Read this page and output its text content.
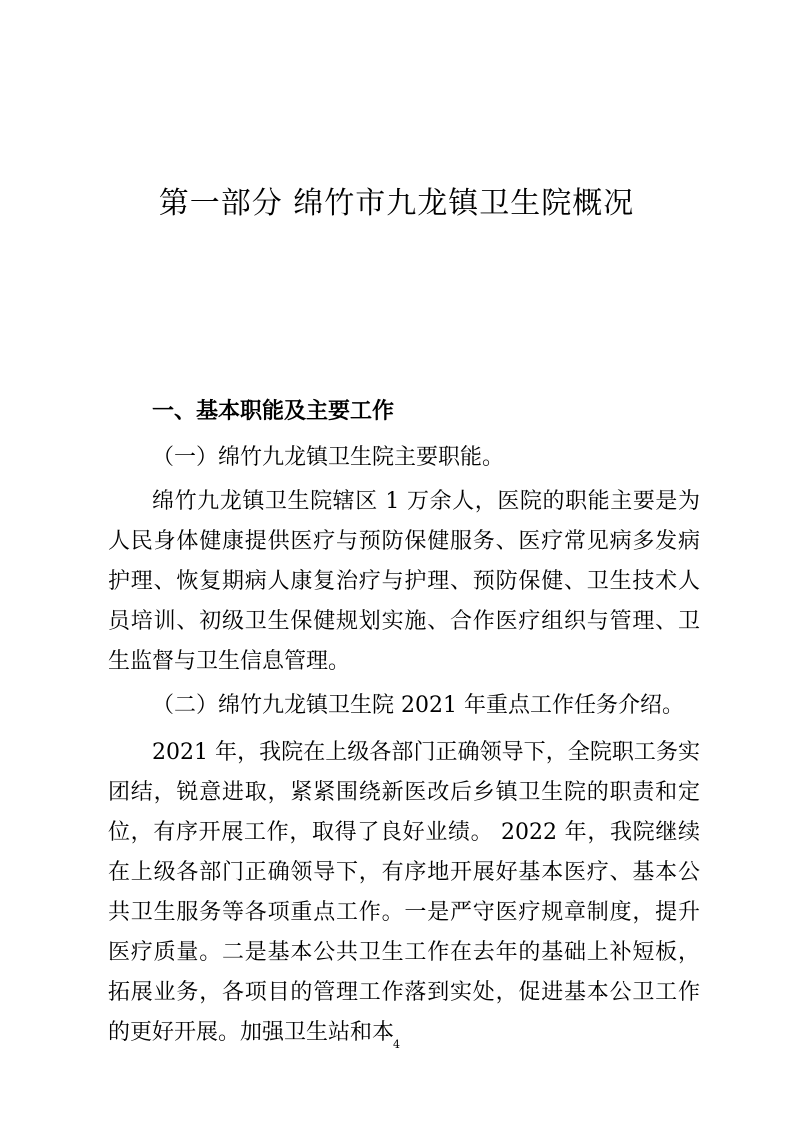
第一部分 绵竹市九龙镇卫生院概况
一、基本职能及主要工作
（一）绵竹九龙镇卫生院主要职能。

绵竹九龙镇卫生院辖区 1 万余人，医院的职能主要是为人民身体健康提供医疗与预防保健服务、医疗常见病多发病护理、恢复期病人康复治疗与护理、预防保健、卫生技术人员培训、初级卫生保健规划实施、合作医疗组织与管理、卫生监督与卫生信息管理。

（二）绵竹九龙镇卫生院 2021 年重点工作任务介绍。

2021 年，我院在上级各部门正确领导下，全院职工务实团结，锐意进取，紧紧围绕新医改后乡镇卫生院的职责和定位，有序开展工作，取得了良好业绩。 2022 年，我院继续在上级各部门正确领导下，有序地开展好基本医疗、基本公共卫生服务等各项重点工作。一是严守医疗规章制度，提升医疗质量。二是基本公共卫生工作在去年的基础上补短板，拓展业务，各项目的管理工作落到实处，促进基本公卫工作的更好开展。加强卫生站和本

4
